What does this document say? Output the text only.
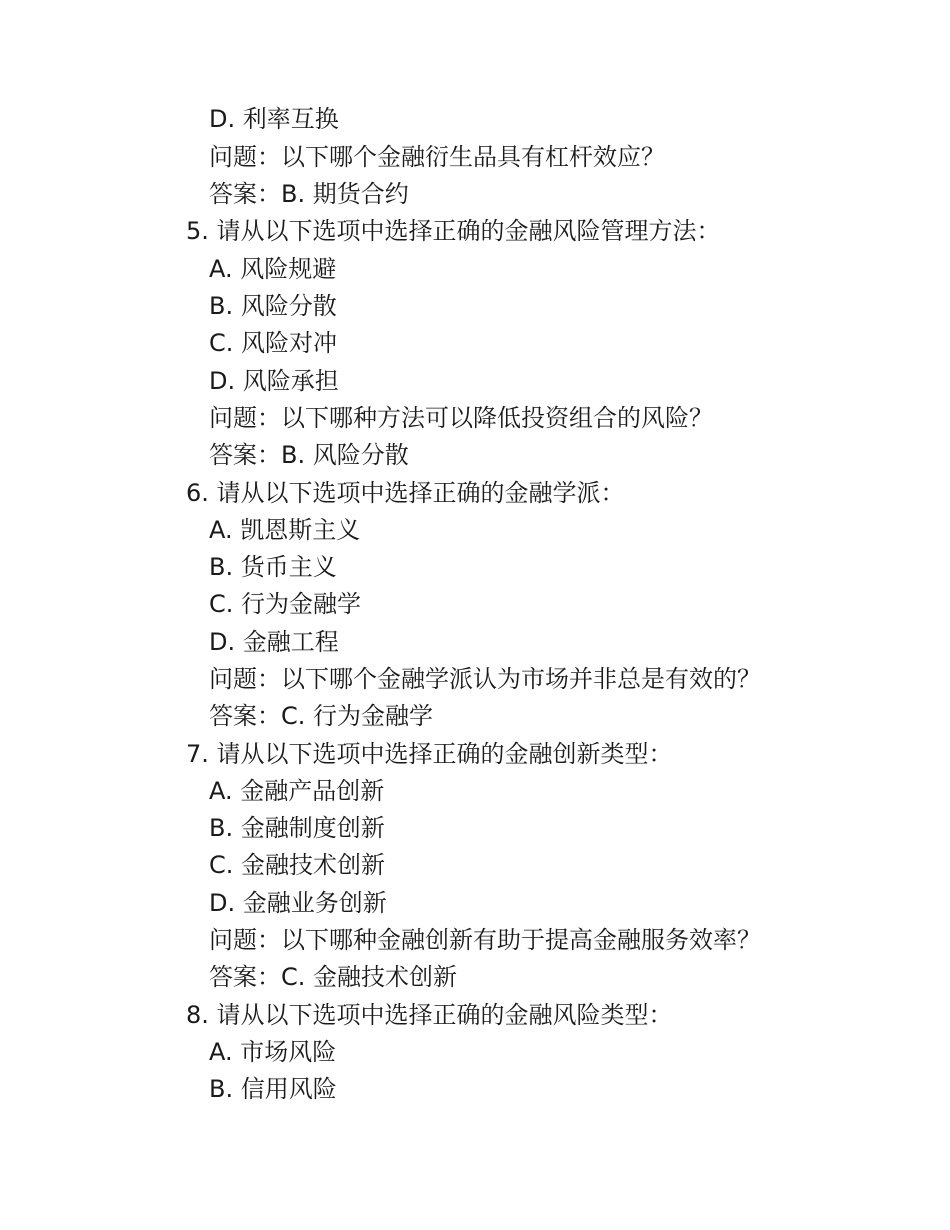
D. 利率互换
问题：以下哪个金融衍生品具有杠杆效应？
答案：B. 期货合约
5. 请从以下选项中选择正确的金融风险管理方法：
A. 风险规避
B. 风险分散
C. 风险对冲
D. 风险承担
问题：以下哪种方法可以降低投资组合的风险？
答案：B. 风险分散
6. 请从以下选项中选择正确的金融学派：
A. 凯恩斯主义
B. 货币主义
C. 行为金融学
D. 金融工程
问题：以下哪个金融学派认为市场并非总是有效的？
答案：C. 行为金融学
7. 请从以下选项中选择正确的金融创新类型：
A. 金融产品创新
B. 金融制度创新
C. 金融技术创新
D. 金融业务创新
问题：以下哪种金融创新有助于提高金融服务效率？
答案：C. 金融技术创新
8. 请从以下选项中选择正确的金融风险类型：
A. 市场风险
B. 信用风险
